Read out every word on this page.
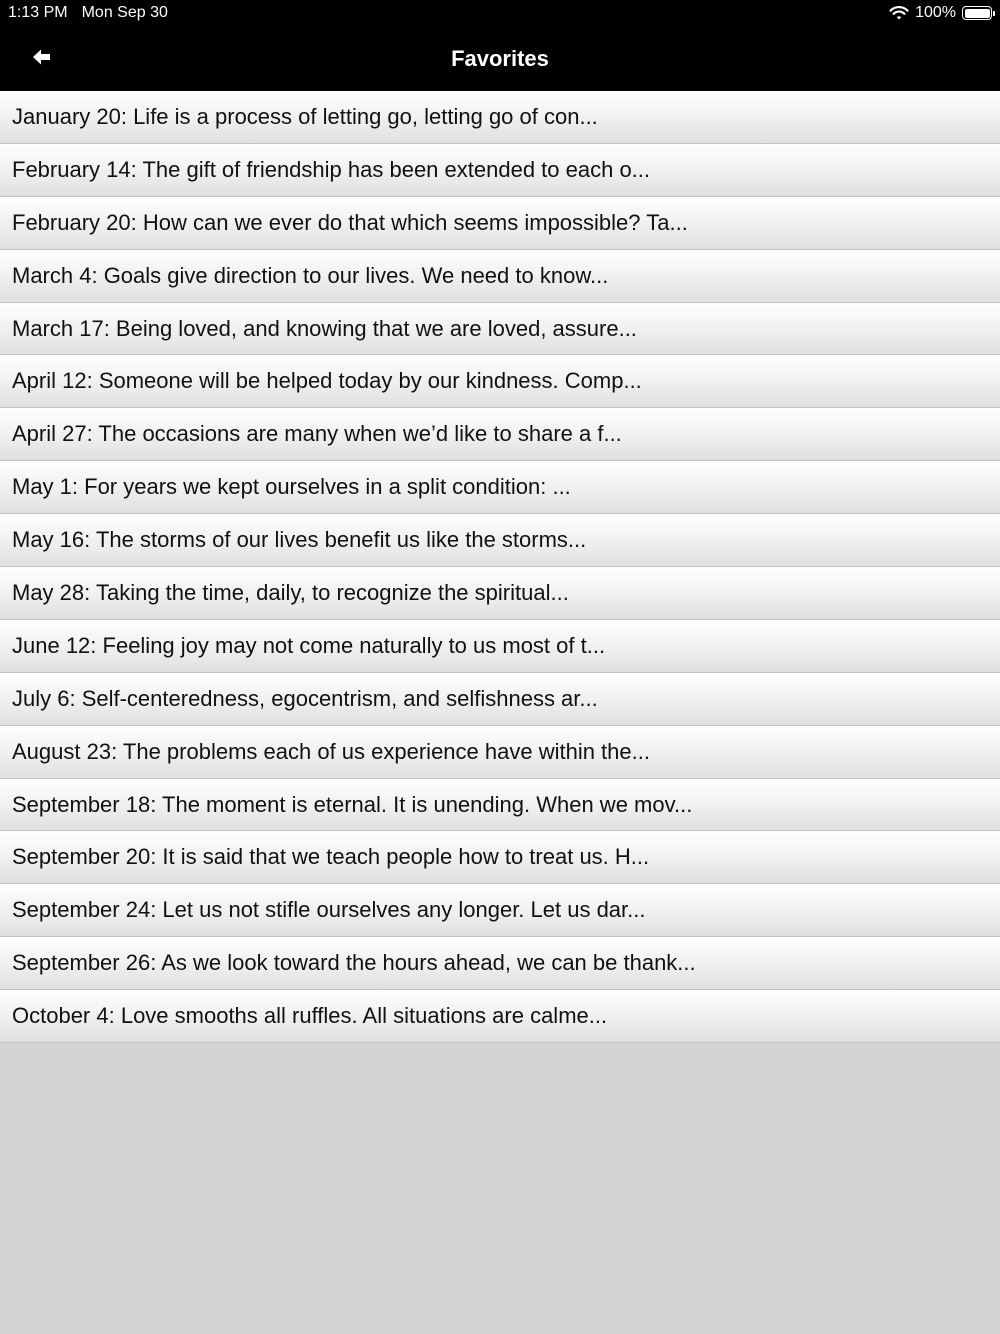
1:13 PM Mon Sep 30	100%
Favorites
January 20: Life is a process of letting go, letting go of con...
February 14: The gift of friendship has been extended to each o...
February 20: How can we ever do that which seems impossible? Ta...
March 4: Goals give direction to our lives. We need to know...
March 17: Being loved, and knowing that we are loved, assure...
April 12: Someone will be helped today by our kindness. Comp...
April 27: The occasions are many when we’d like to share a f...
May 1: For years we kept ourselves in a split condition: ...
May 16: The storms of our lives benefit us like the storms...
May 28: Taking the time, daily, to recognize the spiritual...
June 12: Feeling joy may not come naturally to us most of t...
July 6: Self-centeredness, egocentrism, and selfishness ar...
August 23: The problems each of us experience have within the...
September 18: The moment is eternal. It is unending. When we mov...
September 20: It is said that we teach people how to treat us. H...
September 24: Let us not stifle ourselves any longer. Let us dar...
September 26: As we look toward the hours ahead, we can be thank...
October 4: Love smooths all ruffles. All situations are calme...
